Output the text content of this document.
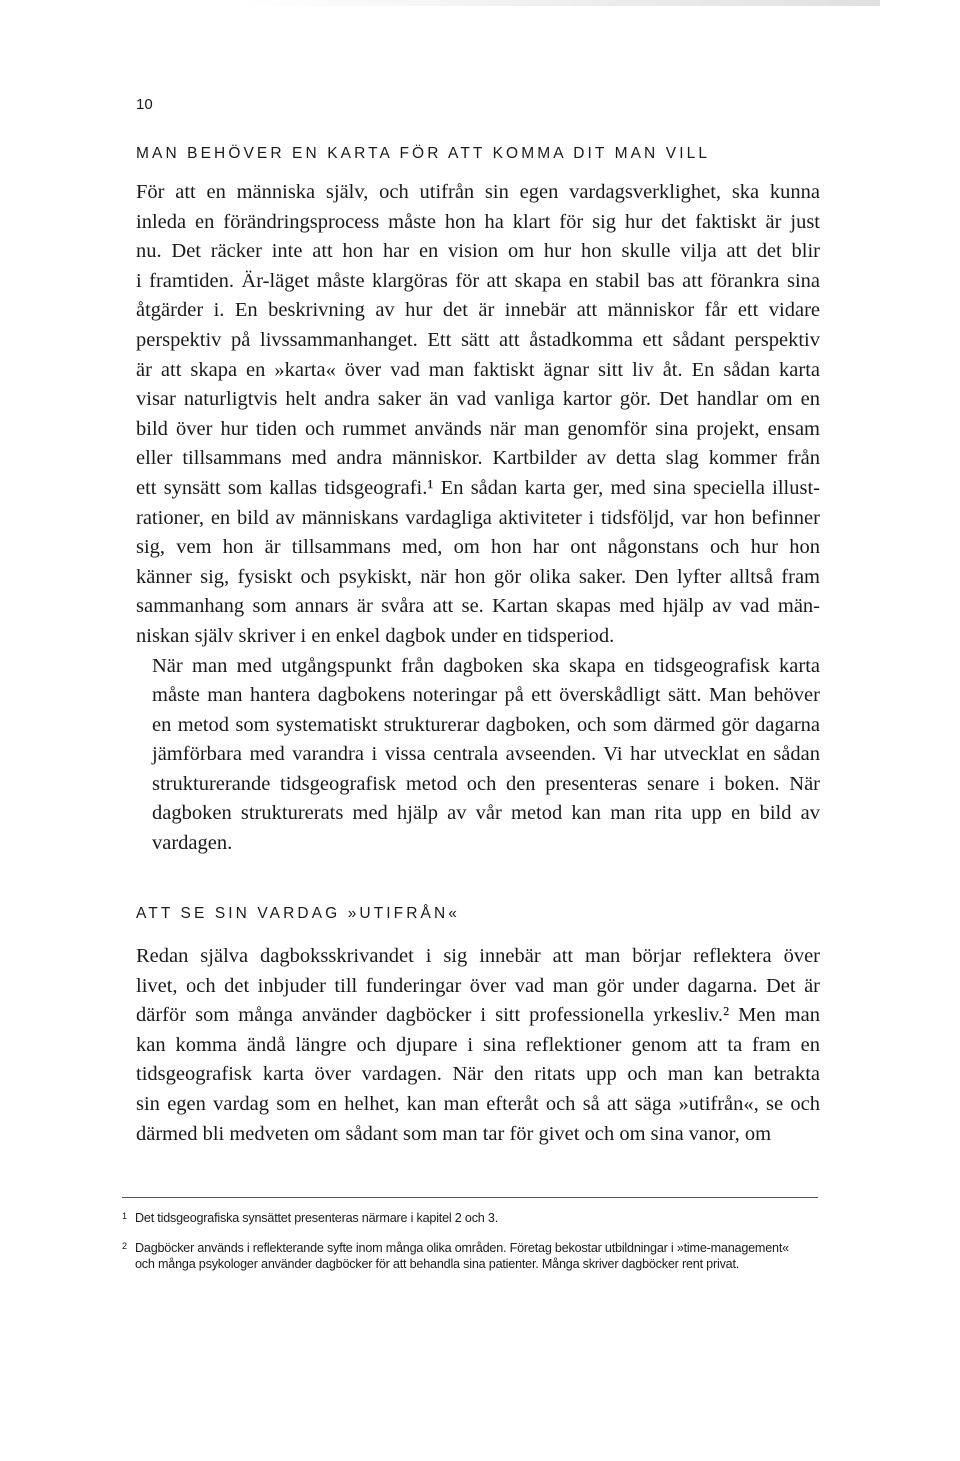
10
MAN BEHÖVER EN KARTA FÖR ATT KOMMA DIT MAN VILL

För att en människa själv, och utifrån sin egen vardagsverklighet, ska kunna
inleda en förändringsprocess måste hon ha klart för sig hur det faktiskt är just
nu. Det räcker inte att hon har en vision om hur hon skulle vilja att det blir
i framtiden. Är-läget måste klargöras för att skapa en stabil bas att förankra sina
åtgärder i. En beskrivning av hur det är innebär att människor får ett vidare
perspektiv på livssammanhanget. Ett sätt att åstadkomma ett sådant perspektiv
är att skapa en »karta« över vad man faktiskt ägnar sitt liv åt. En sådan karta
visar naturligtvis helt andra saker än vad vanliga kartor gör. Det handlar om en
bild över hur tiden och rummet används när man genomför sina projekt, ensam
eller tillsammans med andra människor. Kartbilder av detta slag kommer från
ett synsätt som kallas tidsgeografi.¹ En sådan karta ger, med sina speciella illust-
rationer, en bild av människans vardagliga aktiviteter i tidsföljd, var hon befinner
sig, vem hon är tillsammans med, om hon har ont någonstans och hur hon
känner sig, fysiskt och psykiskt, när hon gör olika saker. Den lyfter alltså fram
sammanhang som annars är svåra att se. Kartan skapas med hjälp av vad män-
niskan själv skriver i en enkel dagbok under en tidsperiod.

När man med utgångspunkt från dagboken ska skapa en tidsgeografisk karta
måste man hantera dagbokens noteringar på ett överskådligt sätt. Man behöver
en metod som systematiskt strukturerar dagboken, och som därmed gör dagarna
jämförbara med varandra i vissa centrala avseenden. Vi har utvecklat en sådan
strukturerande tidsgeografisk metod och den presenteras senare i boken. När
dagboken strukturerats med hjälp av vår metod kan man rita upp en bild av
vardagen.

ATT SE SIN VARDAG »UTIFRÅN«

Redan själva dagboksskrivandet i sig innebär att man börjar reflektera över
livet, och det inbjuder till funderingar över vad man gör under dagarna. Det är
därför som många använder dagböcker i sitt professionella yrkesliv.² Men man
kan komma ändå längre och djupare i sina reflektioner genom att ta fram en
tidsgeografisk karta över vardagen. När den ritats upp och man kan betrakta
sin egen vardag som en helhet, kan man efteråt och så att säga »utifrån«, se och
därmed bli medveten om sådant som man tar för givet och om sina vanor, om

1 Det tidsgeografiska synsättet presenteras närmare i kapitel 2 och 3.
2 Dagböcker används i reflekterande syfte inom många olika områden. Företag bekostar utbildningar i »time-management«
och många psykologer använder dagböcker för att behandla sina patienter. Många skriver dagböcker rent privat.
